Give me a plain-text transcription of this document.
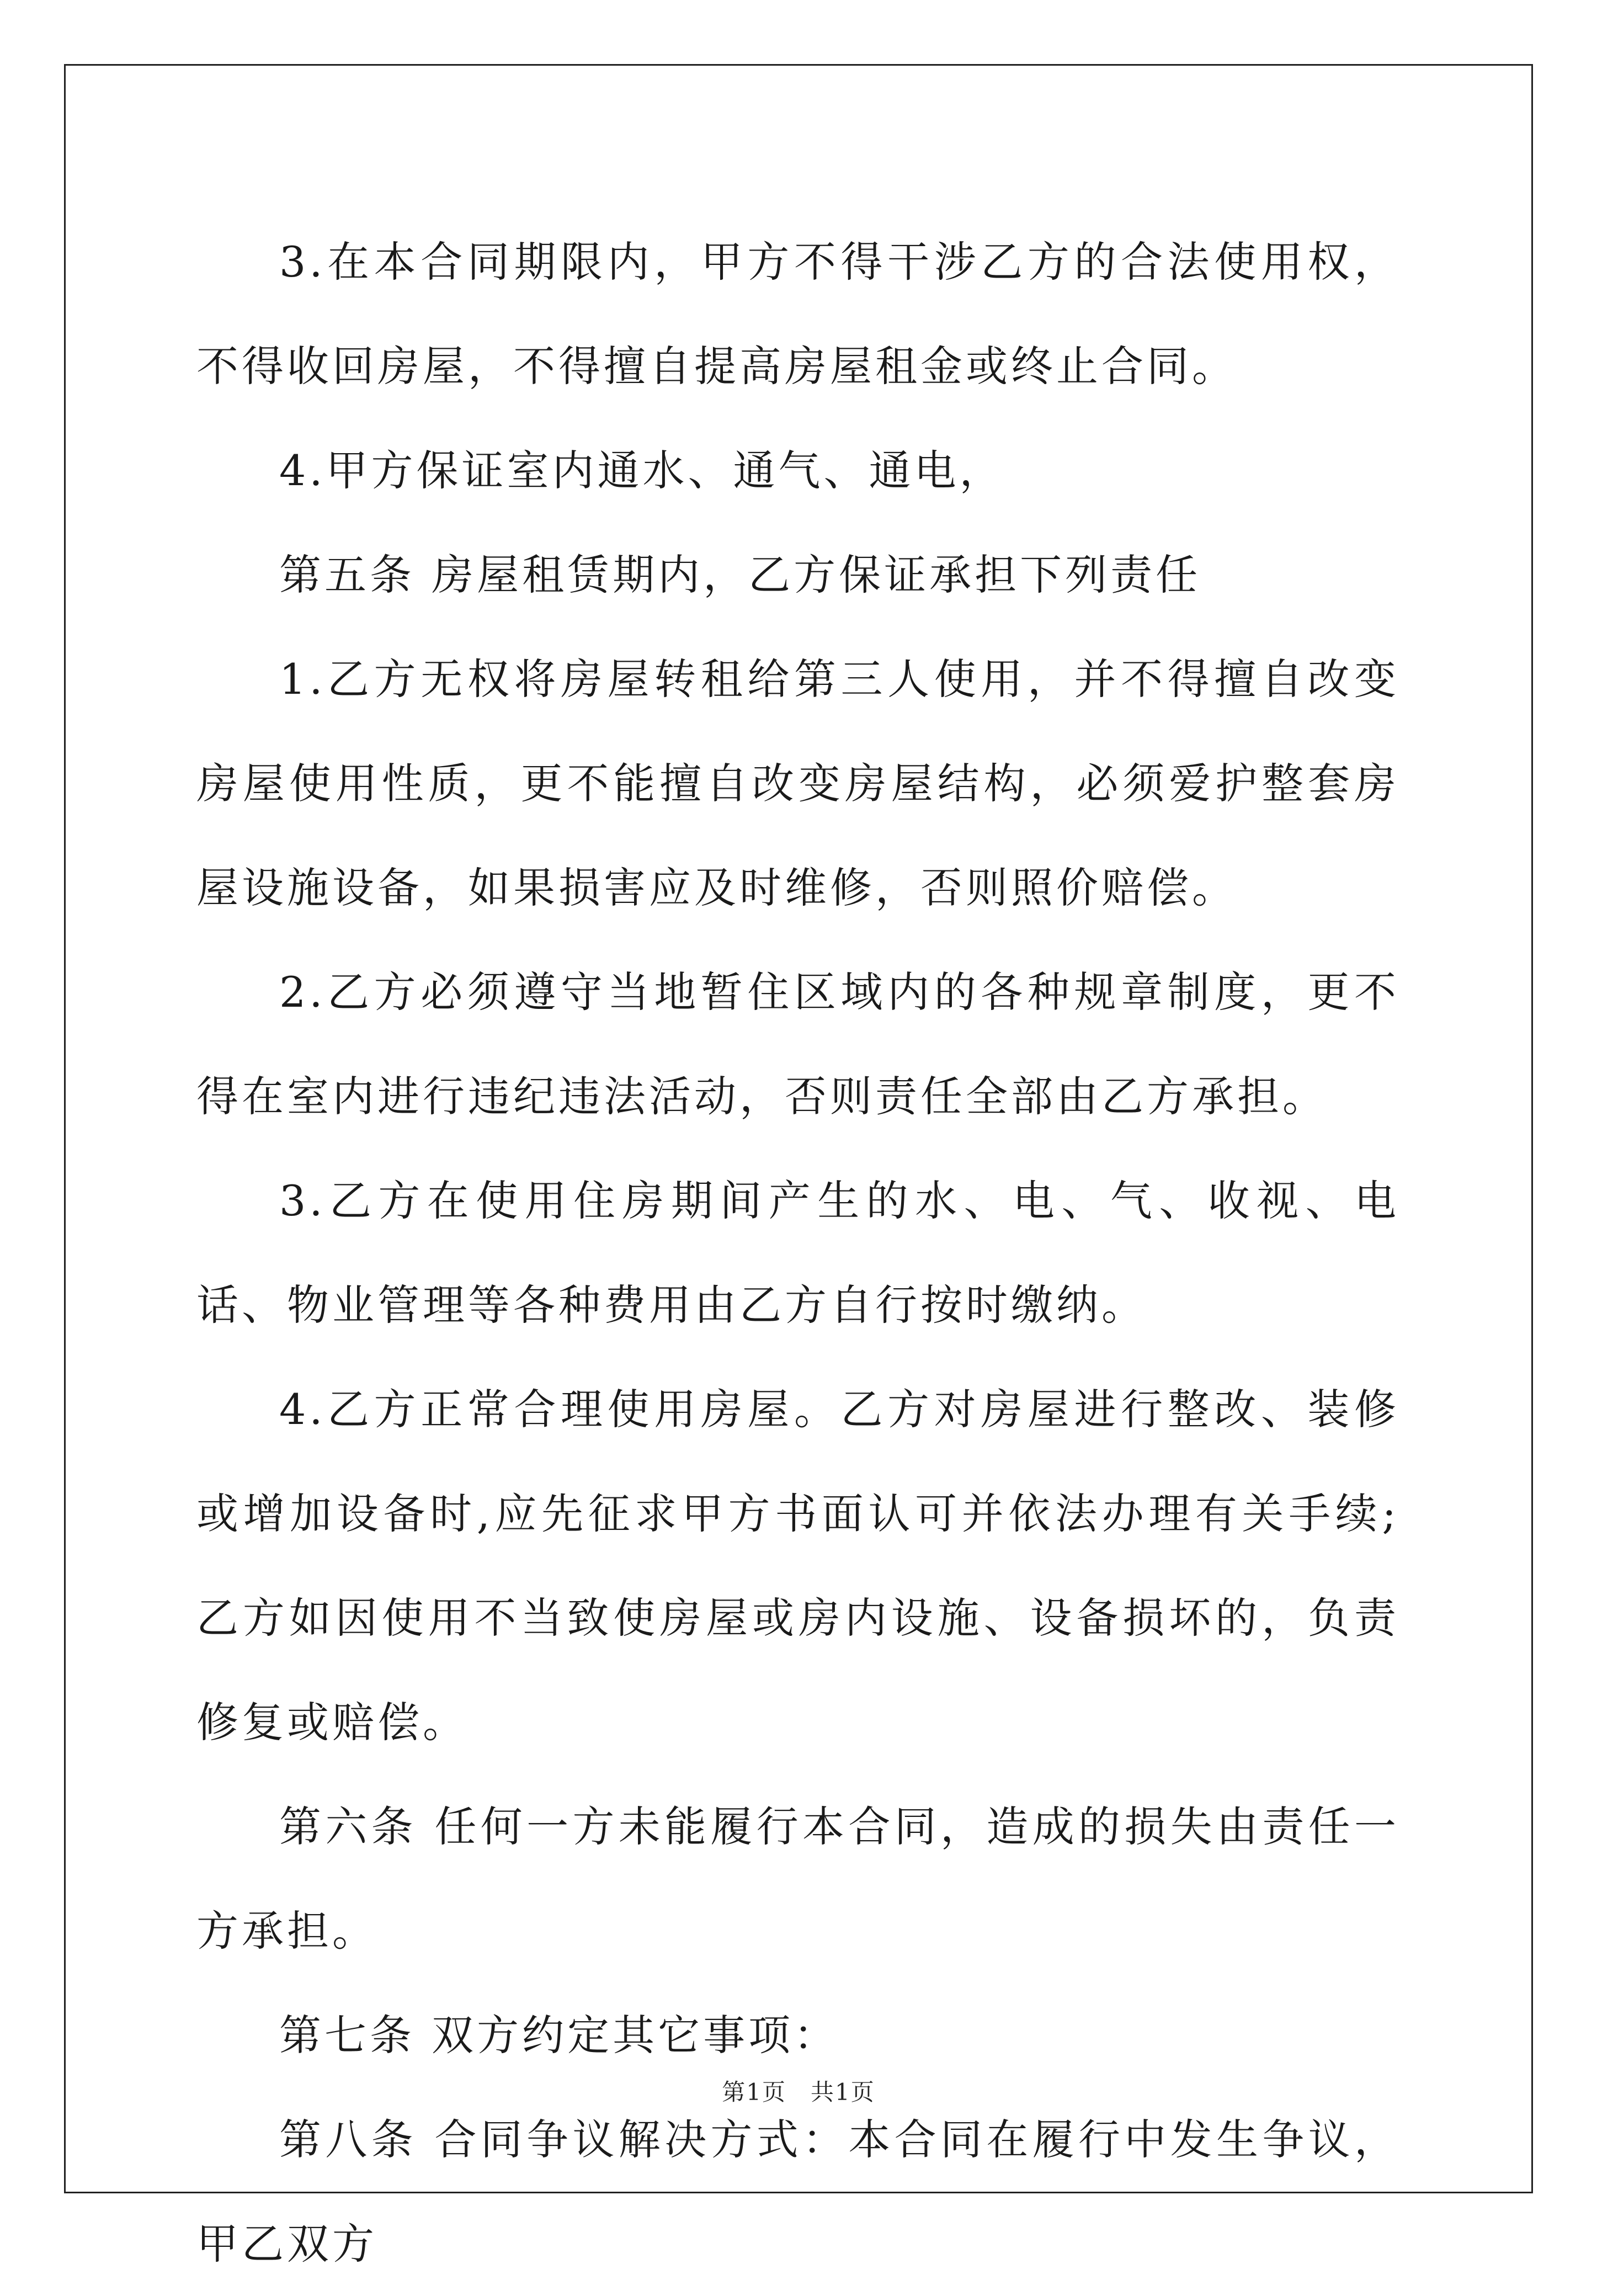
3.在本合同期限内，甲方不得干涉乙方的合法使用权，不得收回房屋，不得擅自提高房屋租金或终止合同。

4.甲方保证室内通水、通气、通电，

第五条 房屋租赁期内，乙方保证承担下列责任

1.乙方无权将房屋转租给第三人使用，并不得擅自改变房屋使用性质，更不能擅自改变房屋结构，必须爱护整套房屋设施设备，如果损害应及时维修，否则照价赔偿。

2.乙方必须遵守当地暂住区域内的各种规章制度，更不得在室内进行违纪违法活动，否则责任全部由乙方承担。

3.乙方在使用住房期间产生的水、电、气、收视、电话、物业管理等各种费用由乙方自行按时缴纳。

4.乙方正常合理使用房屋。乙方对房屋进行整改、装修或增加设备时,应先征求甲方书面认可并依法办理有关手续;乙方如因使用不当致使房屋或房内设施、设备损坏的，负责修复或赔偿。

第六条 任何一方未能履行本合同，造成的损失由责任一方承担。

第七条 双方约定其它事项：

第八条 合同争议解决方式：本合同在履行中发生争议，甲乙双方

第1页 共1页
